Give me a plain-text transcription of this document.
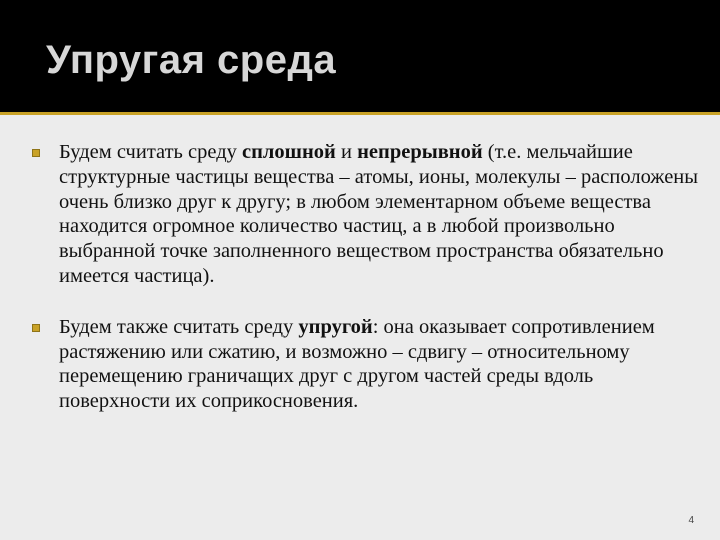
Упругая среда
Будем считать среду сплошной и непрерывной (т.е. мельчайшие структурные частицы вещества – атомы, ионы, молекулы – расположены очень близко друг к другу; в любом элементарном объеме вещества находится огромное количество частиц, а в любой произвольно выбранной точке заполненного веществом пространства обязательно имеется частица).
Будем также считать среду упругой: она оказывает сопротивлением растяжению или сжатию, и возможно – сдвигу – относительному перемещению граничащих друг с другом частей среды вдоль поверхности их соприкосновения.
4
